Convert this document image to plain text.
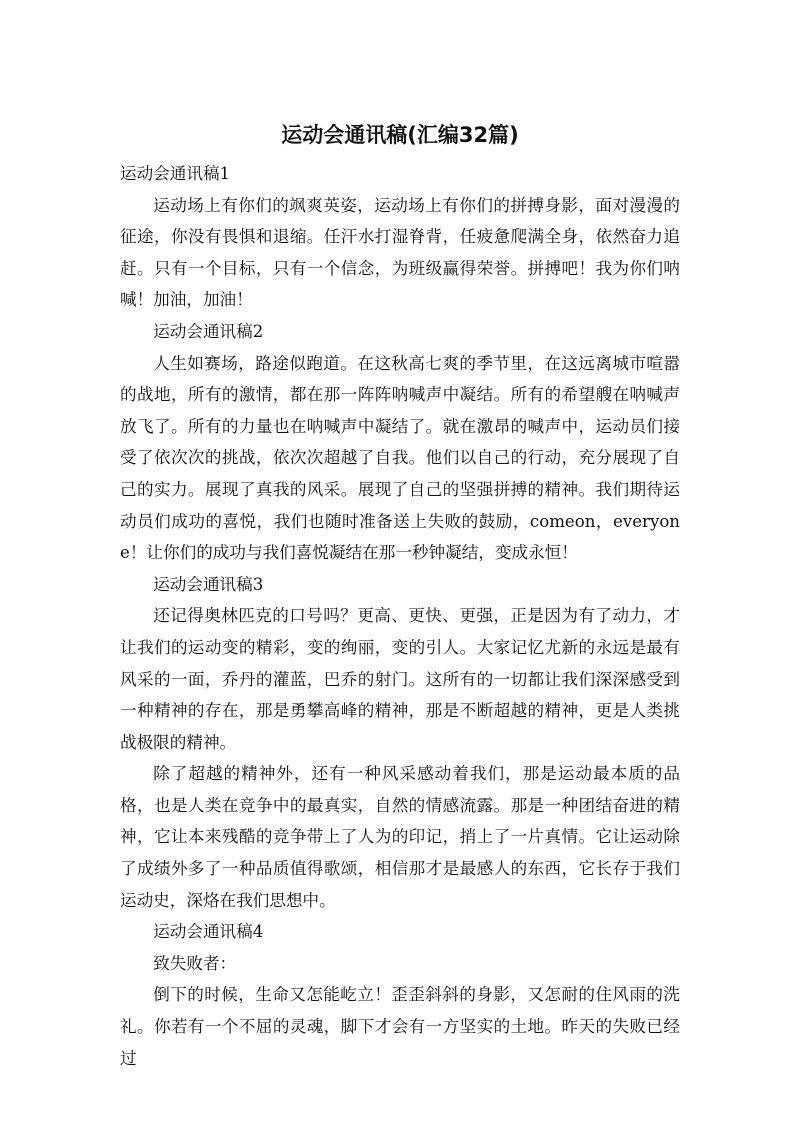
运动会通讯稿(汇编32篇)

运动会通讯稿1

运动场上有你们的飒爽英姿，运动场上有你们的拼搏身影，面对漫漫的征途，你没有畏惧和退缩。任汗水打湿脊背，任疲惫爬满全身，依然奋力追赶。只有一个目标，只有一个信念，为班级赢得荣誉。拼搏吧！我为你们呐喊！加油，加油！

运动会通讯稿2

人生如赛场，路途似跑道。在这秋高七爽的季节里，在这远离城市喧嚣的战地，所有的激情，都在那一阵阵呐喊声中凝结。所有的希望艘在呐喊声放飞了。所有的力量也在呐喊声中凝结了。就在激昂的喊声中，运动员们接受了依次次的挑战，依次次超越了自我。他们以自己的行动，充分展现了自己的实力。展现了真我的风采。展现了自己的坚强拼搏的精神。我们期待运动员们成功的喜悦，我们也随时准备送上失败的鼓励，comeon，everyone！让你们的成功与我们喜悦凝结在那一秒钟凝结，变成永恒！

运动会通讯稿3

还记得奥林匹克的口号吗？更高、更快、更强，正是因为有了动力，才让我们的运动变的精彩，变的绚丽，变的引人。大家记忆尤新的永远是最有风采的一面，乔丹的灌蓝，巴乔的射门。这所有的一切都让我们深深感受到一种精神的存在，那是勇攀高峰的精神，那是不断超越的精神，更是人类挑战极限的精神。

除了超越的精神外，还有一种风采感动着我们，那是运动最本质的品格，也是人类在竞争中的最真实，自然的情感流露。那是一种团结奋进的精神，它让本来残酷的竞争带上了人为的印记，捎上了一片真情。它让运动除了成绩外多了一种品质值得歌颂，相信那才是最感人的东西，它长存于我们运动史，深烙在我们思想中。

运动会通讯稿4

致失败者：

倒下的时候，生命又怎能屹立！歪歪斜斜的身影，又怎耐的住风雨的洗礼。你若有一个不屈的灵魂，脚下才会有一方坚实的土地。昨天的失败已经过
